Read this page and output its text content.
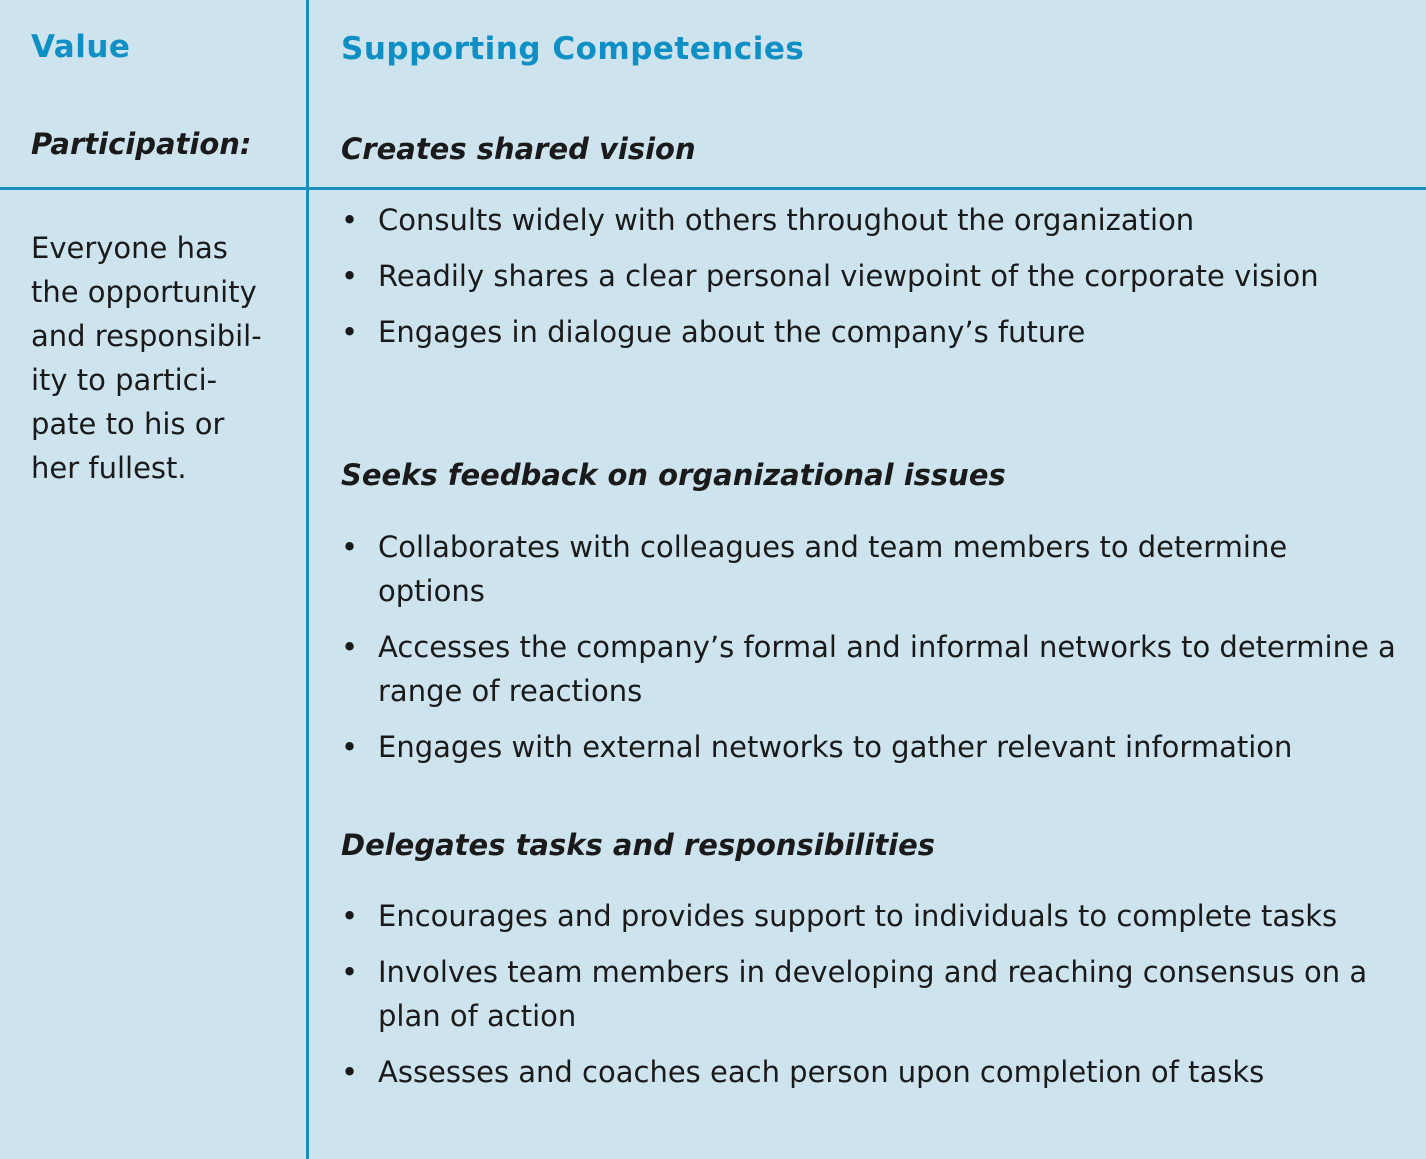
Value	Supporting Competencies

Participation:

Everyone has
the opportunity
and responsibil-
ity to partici-
pate to his or
her fullest.

Creates shared vision
• Consults widely with others throughout the organization
• Readily shares a clear personal viewpoint of the corporate vision
• Engages in dialogue about the company’s future
Seeks feedback on organizational issues
• Collaborates with colleagues and team members to determine options
• Accesses the company’s formal and informal networks to determine a range of reactions
• Engages with external networks to gather relevant information
Delegates tasks and responsibilities
• Encourages and provides support to individuals to complete tasks
• Involves team members in developing and reaching consensus on a plan of action
• Assesses and coaches each person upon completion of tasks
